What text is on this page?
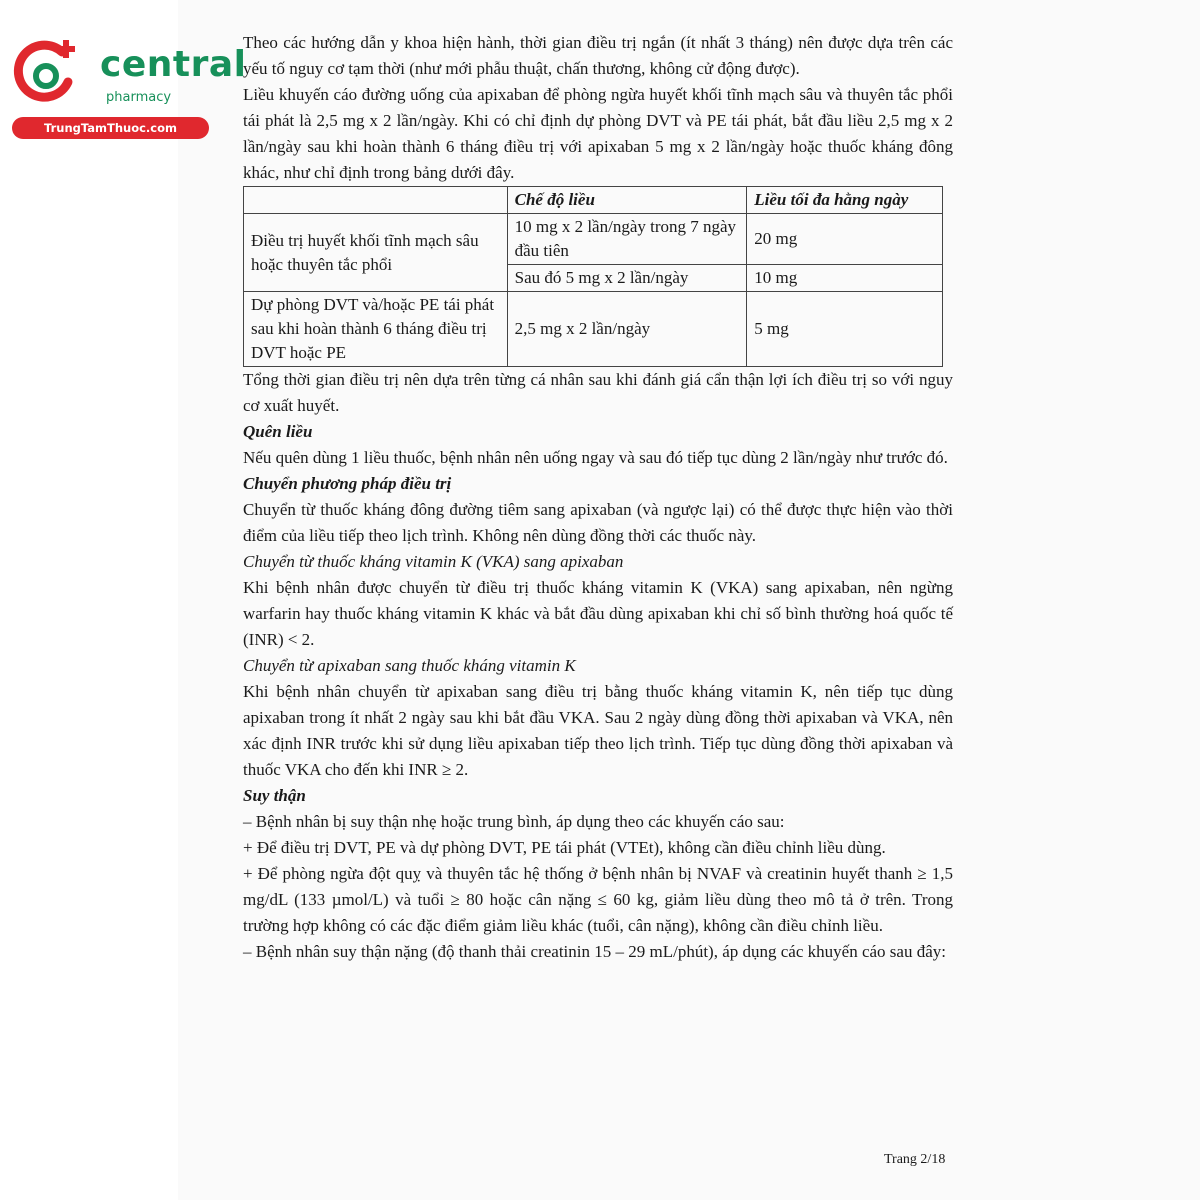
central
pharmacy
TrungTamThuoc.com

Theo các hướng dẫn y khoa hiện hành, thời gian điều trị ngắn (ít nhất 3 tháng) nên được dựa trên các yếu tố nguy cơ tạm thời (như mới phẫu thuật, chấn thương, không cử động được).

Liều khuyến cáo đường uống của apixaban để phòng ngừa huyết khối tĩnh mạch sâu và thuyên tắc phổi tái phát là 2,5 mg x 2 lần/ngày. Khi có chỉ định dự phòng DVT và PE tái phát, bắt đầu liều 2,5 mg x 2 lần/ngày sau khi hoàn thành 6 tháng điều trị với apixaban 5 mg x 2 lần/ngày hoặc thuốc kháng đông khác, như chỉ định trong bảng dưới đây.

	Chế độ liều	Liều tối đa hằng ngày
Điều trị huyết khối tĩnh mạch sâu hoặc thuyên tắc phổi	10 mg x 2 lần/ngày trong 7 ngày đầu tiên	20 mg
	Sau đó 5 mg x 2 lần/ngày	10 mg
Dự phòng DVT và/hoặc PE tái phát sau khi hoàn thành 6 tháng điều trị DVT hoặc PE	2,5 mg x 2 lần/ngày	5 mg

Tổng thời gian điều trị nên dựa trên từng cá nhân sau khi đánh giá cẩn thận lợi ích điều trị so với nguy cơ xuất huyết.

Quên liều

Nếu quên dùng 1 liều thuốc, bệnh nhân nên uống ngay và sau đó tiếp tục dùng 2 lần/ngày như trước đó.

Chuyển phương pháp điều trị

Chuyển từ thuốc kháng đông đường tiêm sang apixaban (và ngược lại) có thể được thực hiện vào thời điểm của liều tiếp theo lịch trình. Không nên dùng đồng thời các thuốc này.

Chuyển từ thuốc kháng vitamin K (VKA) sang apixaban

Khi bệnh nhân được chuyển từ điều trị thuốc kháng vitamin K (VKA) sang apixaban, nên ngừng warfarin hay thuốc kháng vitamin K khác và bắt đầu dùng apixaban khi chỉ số bình thường hoá quốc tế (INR) < 2.

Chuyển từ apixaban sang thuốc kháng vitamin K

Khi bệnh nhân chuyển từ apixaban sang điều trị bằng thuốc kháng vitamin K, nên tiếp tục dùng apixaban trong ít nhất 2 ngày sau khi bắt đầu VKA. Sau 2 ngày dùng đồng thời apixaban và VKA, nên xác định INR trước khi sử dụng liều apixaban tiếp theo lịch trình. Tiếp tục dùng đồng thời apixaban và thuốc VKA cho đến khi INR ≥ 2.

Suy thận

– Bệnh nhân bị suy thận nhẹ hoặc trung bình, áp dụng theo các khuyến cáo sau:

+ Để điều trị DVT, PE và dự phòng DVT, PE tái phát (VTEt), không cần điều chỉnh liều dùng.

+ Để phòng ngừa đột quỵ và thuyên tắc hệ thống ở bệnh nhân bị NVAF và creatinin huyết thanh ≥ 1,5 mg/dL (133 µmol/L) và tuổi ≥ 80 hoặc cân nặng ≤ 60 kg, giảm liều dùng theo mô tả ở trên. Trong trường hợp không có các đặc điểm giảm liều khác (tuổi, cân nặng), không cần điều chỉnh liều.

– Bệnh nhân suy thận nặng (độ thanh thải creatinin 15 – 29 mL/phút), áp dụng các khuyến cáo sau đây:

Trang 2/18
